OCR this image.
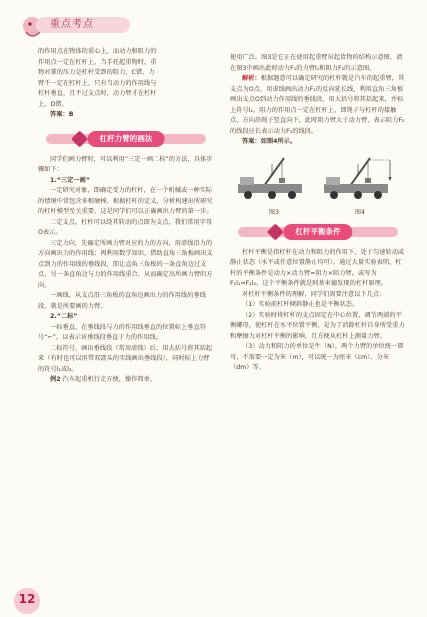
重点考点

的作用点在物体的重心上，而动力和阻力的

作用点一定在杠杆上，当手托起重物时，重

物对掌的压力是杠杆受到的阻力，C错，力

臂不一定在杠杆上，只有当动力的作用线与

杠杆垂直，且不过支点时，动力臂才在杠杆

上，D错。

答案：B

杠杆力臂的画法

同学们画力臂时，可以利用“三定一画二标”的方法，具体步骤如下：

1.“三定一画”

一定研究对象，即确定受力的杠杆，在一个机械或一种实际的情境中常包含多根硬棒，根据杠杆的定义，分析构建出所研究的杠杆模型至关重要，这是同学们可以正确画出力臂的第一步。

二定支点，杠杆可以绕其转动的点即为支点，我们常用字母O表示。

三定力向，先确定所画力臂对应的力的方向，用虚线沿力的方向画出力的作用线；再利用数学知识，借助直角三角板画出支点到力的作用线的垂线段，即让直角三角板的一条直角边过支点，另一条直角边与力的作用线重合，从而确定出所画力臂的方向。

一画线，从支点沿三角板的直角边画出力的作用线的垂线段，就是所要画的力臂。

2.“二标”

一标垂直，在垂线段与力的作用线垂直的位置标上垂直符号“⌐”，以表示该垂线段垂直于力的作用线。

二标符号，画出垂线段（常用虚线）后，用大括号将其括起来（有时也可以用带双箭头的实线画出垂线段），同时标上力臂的符号l₁或l₂。

例2 汽车起重机行走方便，操作简单，

使用广泛。图3是它正在使用起重臂吊起货物的结构示意图，请在图3中画出此时动力F₁的力臂l₁和阻力F₂的示意图。

解析：根据题意可以确定研究的杠杆就是汽车的起重臂，其支点为O点，用虚线画出动力F₁的反向延长线，利用直角三角板画出支点O到动力作用线的垂线段，用大括号将其括起来，并标上符号l₁。阻力的作用点一定在杠杆上，即绳子与杠杆的接触点，方向沿绳子竖直向下，此时阻力臂大于动力臂，表示阻力F₂的线段应长表示动力F₁的线段。

答案：如图4所示。

图3	图4
杠杆平衡条件

杠杆平衡是指杠杆在动力和阻力的作用下，处于匀速转动或静止状态（水平或任意位置静止均可），通过大量实验表明，杠杆的平衡条件是动力×动力臂=阻力×阻力臂，或写为F₁l₁=F₂l₂。这个平衡条件就是阿基米德发现的杠杆原理。

对杠杆平衡条件的理解，同学们需要注意以下几点：

（1）实验前杠杆倾斜静止也是平衡状态。

（2）实验时将杠杆的支点固定在中心位置，调节两端的平衡螺母，使杠杆在水平位置平衡，是为了消除杠杆自身所受重力和摩擦力对杠杆平衡的影响，且方便从杠杆上测量力臂。

（3）动力和阻力的单位是牛（N），两个力臂的单位统一即可，不需要一定为米（m），可以统一为厘米（cm）、分米（dm）等。

12
